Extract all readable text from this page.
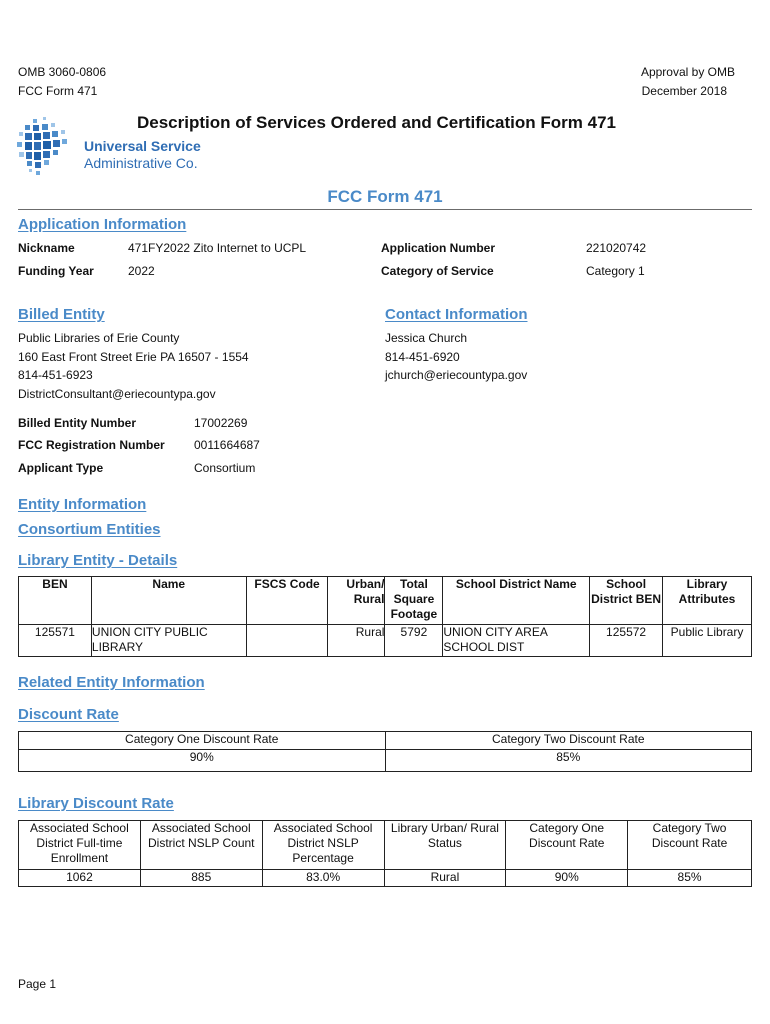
OMB 3060-0806
FCC Form 471
Approval by OMB
December 2018
Description of Services Ordered and Certification Form 471
Universal Service
Administrative Co.
FCC Form 471
Application Information
Nickname	471FY2022 Zito Internet to UCPL
Funding Year	2022
Application Number	221020742
Category of Service	Category 1
Billed Entity
Public Libraries of Erie County
160 East Front Street Erie PA 16507 - 1554
814-451-6923
DistrictConsultant@eriecountypa.gov
Contact Information
Jessica Church
814-451-6920
jchurch@eriecountypa.gov
Billed Entity Number	17002269
FCC Registration Number 0011664687
Applicant Type	Consortium
Entity Information
Consortium Entities
Library Entity - Details
BEN	Name	FSCS Code	Urban/ Rural	Total Square Footage	School District Name	School District BEN	Library Attributes
125571	UNION CITY PUBLIC LIBRARY		Rural	5792	UNION CITY AREA SCHOOL DIST	125572	Public Library
Related Entity Information
Discount Rate
Category One Discount Rate	Category Two Discount Rate
90%	85%
Library Discount Rate
Associated School District Full-time Enrollment	Associated School District NSLP Count	Associated School District NSLP Percentage	Library Urban/ Rural Status	Category One Discount Rate	Category Two Discount Rate
1062	885	83.0%	Rural	90%	85%
Page 1
